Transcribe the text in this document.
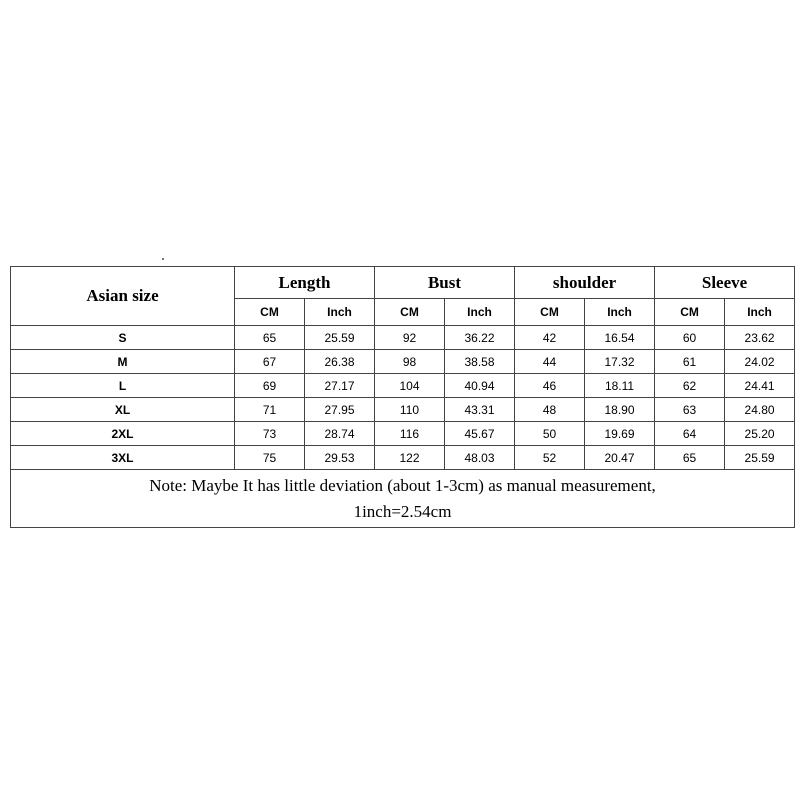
Asian size	Length		Bust		shoulder		Sleeve	
	CM	Inch	CM	Inch	CM	Inch	CM	Inch
S	65	25.59	92	36.22	42	16.54	60	23.62
M	67	26.38	98	38.58	44	17.32	61	24.02
L	69	27.17	104	40.94	46	18.11	62	24.41
XL	71	27.95	110	43.31	48	18.90	63	24.80
2XL	73	28.74	116	45.67	50	19.69	64	25.20
3XL	75	29.53	122	48.03	52	20.47	65	25.59

Note: Maybe It has little deviation (about 1-3cm) as manual measurement,
1inch=2.54cm								
